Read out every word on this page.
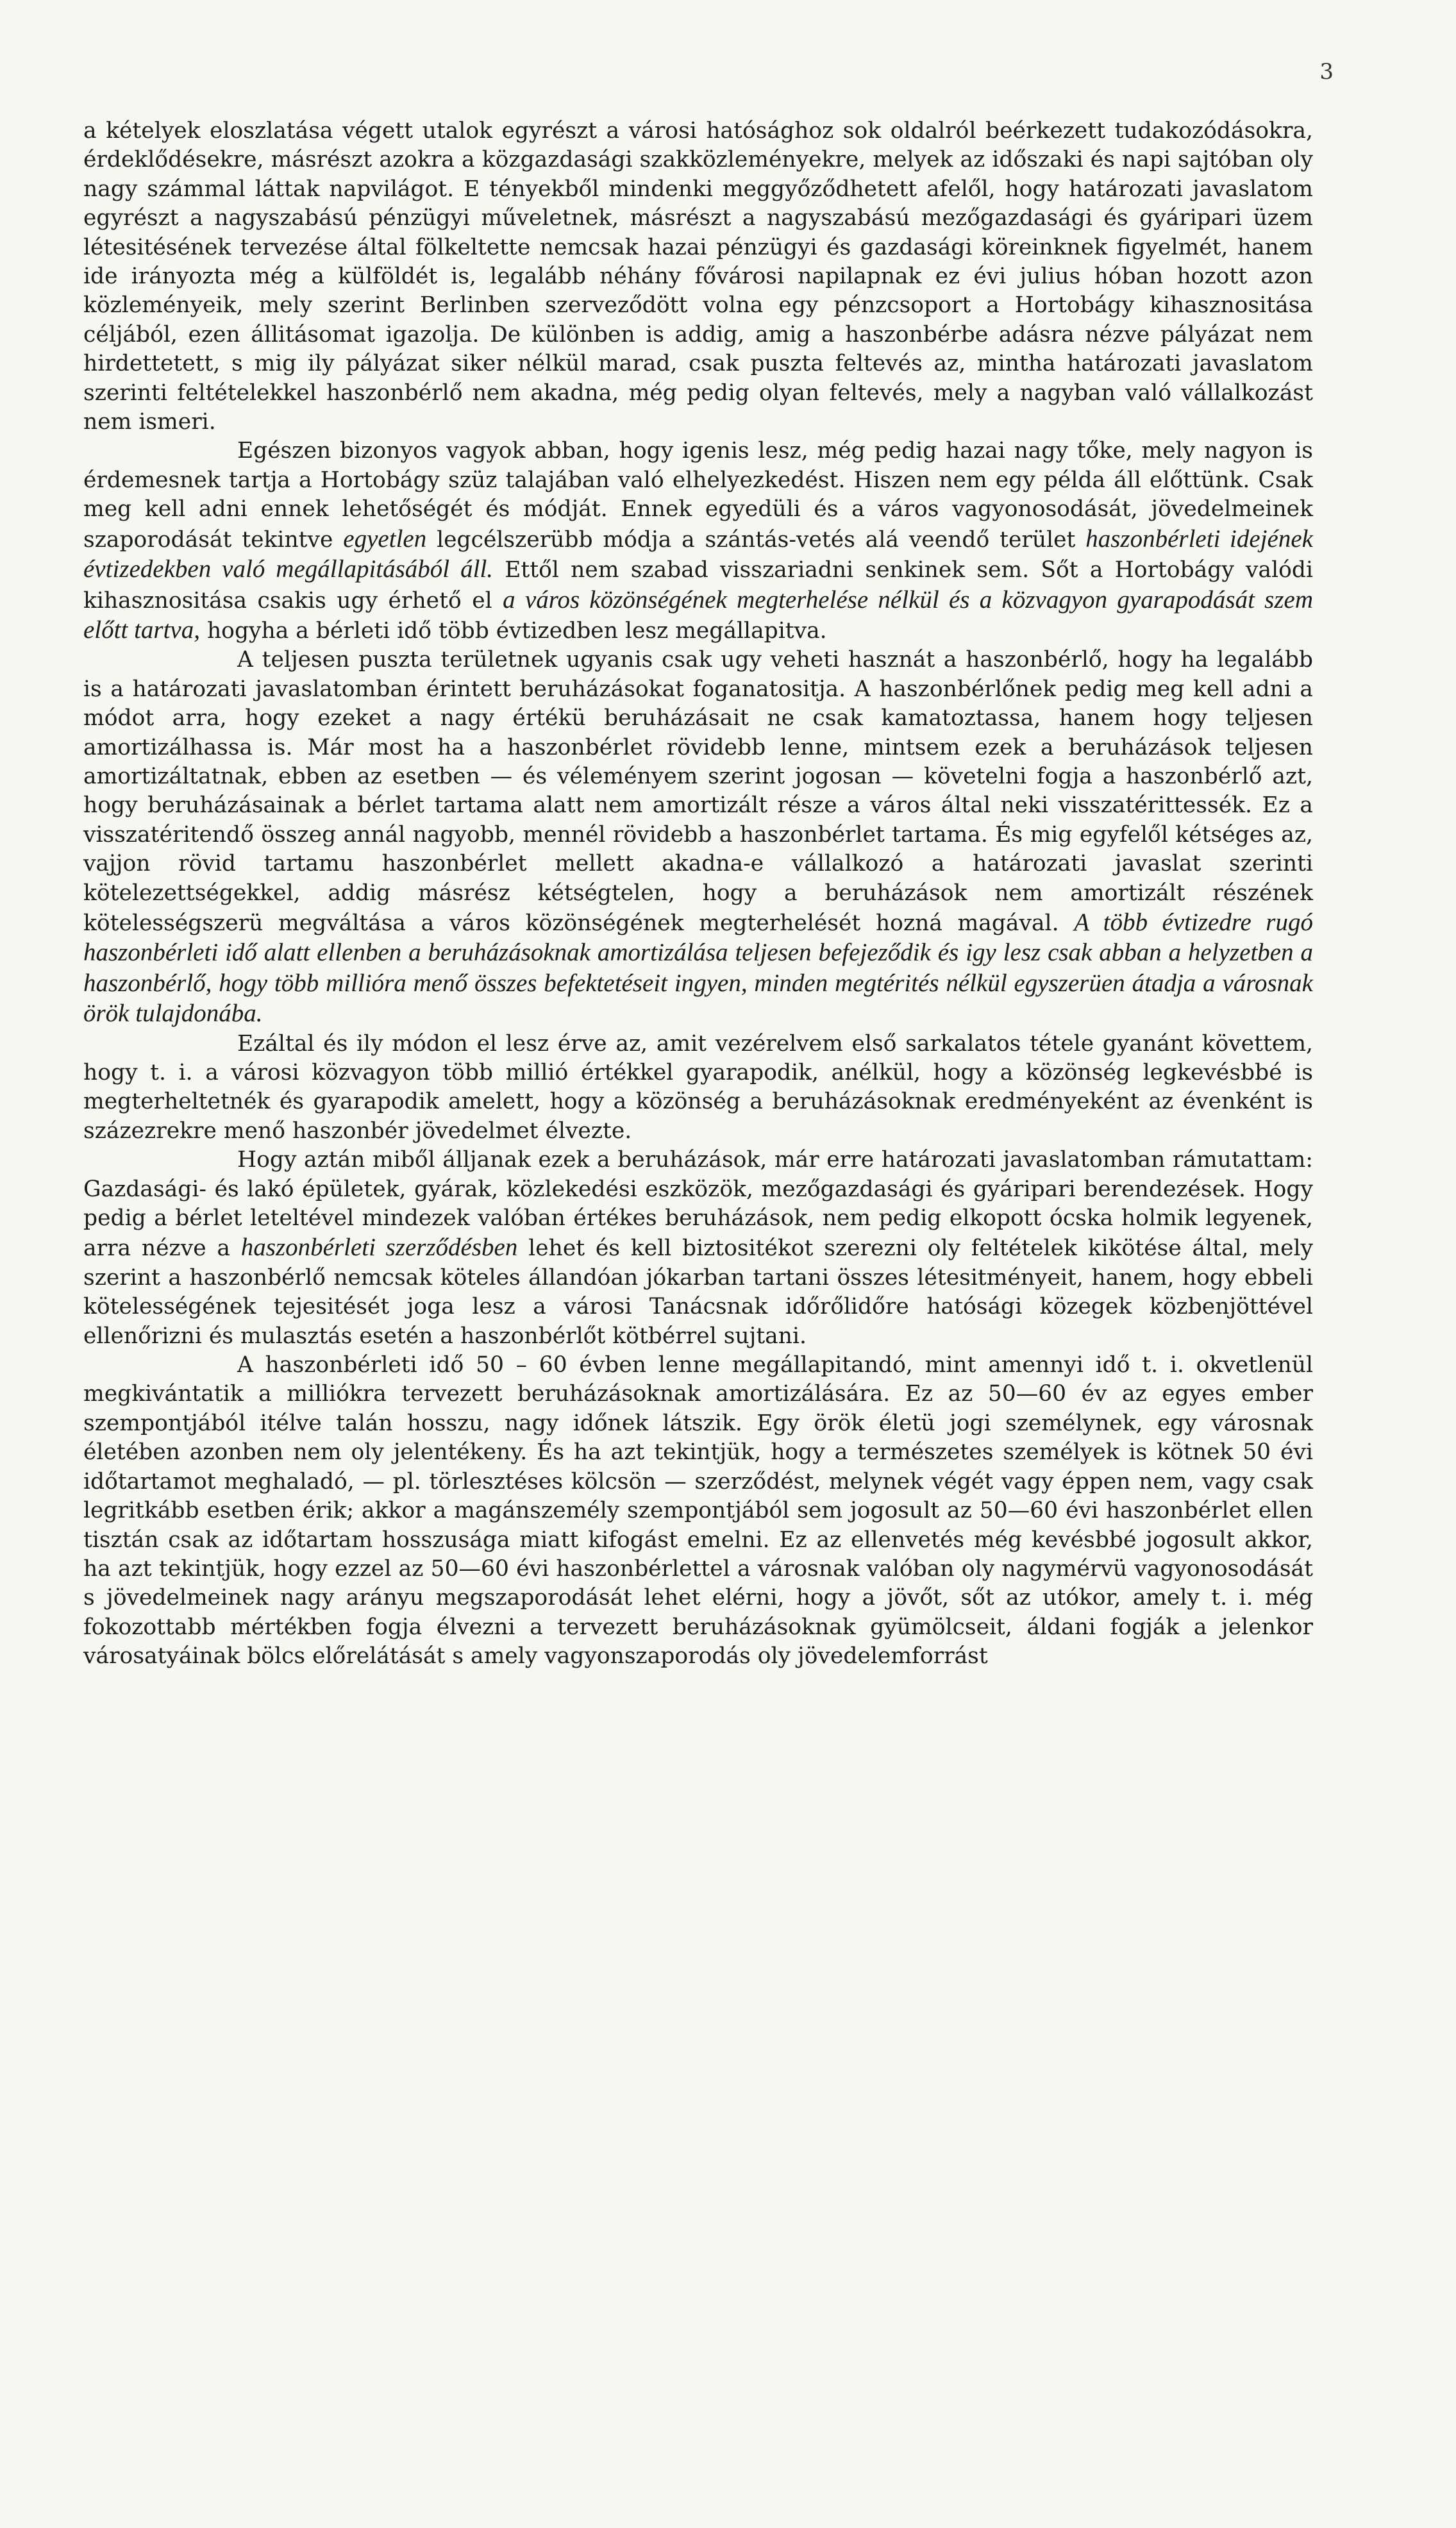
3

a kételyek eloszlatása végett utalok egyrészt a városi hatósághoz sok oldalról beérkezett tudakozódásokra, érdeklődésekre, másrészt azokra a közgazdasági szakközleményekre, melyek az időszaki és napi sajtóban oly nagy számmal láttak napvilágot. E tényekből mindenki meggyőződhetett afelől, hogy határozati javaslatom egyrészt a nagyszabású pénzügyi műveletnek, másrészt a nagyszabású mezőgazdasági és gyáripari üzem létesitésének tervezése által fölkeltette nemcsak hazai pénzügyi és gazdasági köreinknek figyelmét, hanem ide irányozta még a külföldét is, legalább néhány fővárosi napilapnak ez évi julius hóban hozott azon közleményeik, mely szerint Berlinben szerveződött volna egy pénzcsoport a Hortobágy kihasznositása céljából, ezen állitásomat igazolja. De különben is addig, amig a haszonbérbe adásra nézve pályázat nem hirdettetett, s mig ily pályázat siker nélkül marad, csak puszta feltevés az, mintha határozati javaslatom szerinti feltételekkel haszonbérlő nem akadna, még pedig olyan feltevés, mely a nagyban való vállalkozást nem ismeri.

Egészen bizonyos vagyok abban, hogy igenis lesz, még pedig hazai nagy tőke, mely nagyon is érdemesnek tartja a Hortobágy szüz talajában való elhelyezkedést. Hiszen nem egy példa áll előttünk. Csak meg kell adni ennek lehetőségét és módját. Ennek egyedüli és a város vagyonosodását, jövedelmeinek szaporodását tekintve egyetlen legcélszerübb módja a szántás-vetés alá veendő terület haszonbérleti idejének évtizedekben való megállapitásából áll. Ettől nem szabad visszariadni senkinek sem. Sőt a Hortobágy valódi kihasznositása csakis ugy érhető el a város közönségének megterhelése nélkül és a közvagyon gyarapodását szem előtt tartva, hogyha a bérleti idő több évtizedben lesz megállapitva.

A teljesen puszta területnek ugyanis csak ugy veheti hasznát a haszonbérlő, hogy ha legalább is a határozati javaslatomban érintett beruházásokat foganatositja. A haszonbérlőnek pedig meg kell adni a módot arra, hogy ezeket a nagy értékü beruházásait ne csak kamatoztassa, hanem hogy teljesen amortizálhassa is. Már most ha a haszonbérlet rövidebb lenne, mintsem ezek a beruházások teljesen amortizáltatnak, ebben az esetben — és véleményem szerint jogosan — követelni fogja a haszonbérlő azt, hogy beruházásainak a bérlet tartama alatt nem amortizált része a város által neki visszatérittessék. Ez a visszatéritendő összeg annál nagyobb, mennél rövidebb a haszonbérlet tartama. És mig egyfelől kétséges az, vajjon rövid tartamu haszonbérlet mellett akadna-e vállalkozó a határozati javaslat szerinti kötelezettségekkel, addig másrész kétségtelen, hogy a beruházások nem amortizált részének kötelességszerü megváltása a város közönségének megterhelését hozná magával. A több évtizedre rugó haszonbérleti idő alatt ellenben a beruházásoknak amortizálása teljesen befejeződik és igy lesz csak abban a helyzetben a haszonbérlő, hogy több millióra menő összes befektetéseit ingyen, minden megtérités nélkül egyszerüen átadja a városnak örök tulajdonába.

Ezáltal és ily módon el lesz érve az, amit vezérelvem első sarkalatos tétele gyanánt követtem, hogy t. i. a városi közvagyon több millió értékkel gyarapodik, anélkül, hogy a közönség legkevésbbé is megterheltetnék és gyarapodik amelett, hogy a közönség a beruházásoknak eredményeként az évenként is százezrekre menő haszonbér jövedelmet élvezte.

Hogy aztán miből álljanak ezek a beruházások, már erre határozati javaslatomban rámutattam: Gazdasági- és lakó épületek, gyárak, közlekedési eszközök, mezőgazdasági és gyáripari berendezések. Hogy pedig a bérlet leteltével mindezek valóban értékes beruházások, nem pedig elkopott ócska holmik legyenek, arra nézve a haszonbérleti szerződésben lehet és kell biztositékot szerezni oly feltételek kikötése által, mely szerint a haszonbérlő nemcsak köteles állandóan jókarban tartani összes létesitményeit, hanem, hogy ebbeli kötelességének tejesitését joga lesz a városi Tanácsnak időrőlidőre hatósági közegek közbenjöttével ellenőrizni és mulasztás esetén a haszonbérlőt kötbérrel sujtani.

A haszonbérleti idő 50 – 60 évben lenne megállapitandó, mint amennyi idő t. i. okvetlenül megkivántatik a milliókra tervezett beruházásoknak amortizálására. Ez az 50—60 év az egyes ember szempontjából itélve talán hosszu, nagy időnek látszik. Egy örök életü jogi személynek, egy városnak életében azonben nem oly jelentékeny. És ha azt tekintjük, hogy a természetes személyek is kötnek 50 évi időtartamot meghaladó, — pl. törlesztéses kölcsön — szerződést, melynek végét vagy éppen nem, vagy csak legritkább esetben érik; akkor a magánszemély szempontjából sem jogosult az 50—60 évi haszonbérlet ellen tisztán csak az időtartam hosszusága miatt kifogást emelni. Ez az ellenvetés még kevésbbé jogosult akkor, ha azt tekintjük, hogy ezzel az 50—60 évi haszonbérlettel a városnak valóban oly nagymérvü vagyonosodását s jövedelmeinek nagy arányu megszaporodását lehet elérni, hogy a jövőt, sőt az utókor, amely t. i. még fokozottabb mértékben fogja élvezni a tervezett beruházásoknak gyümölcseit, áldani fogják a jelenkor városatyáinak bölcs előrelátását s amely vagyonszaporodás oly jövedelemforrást
